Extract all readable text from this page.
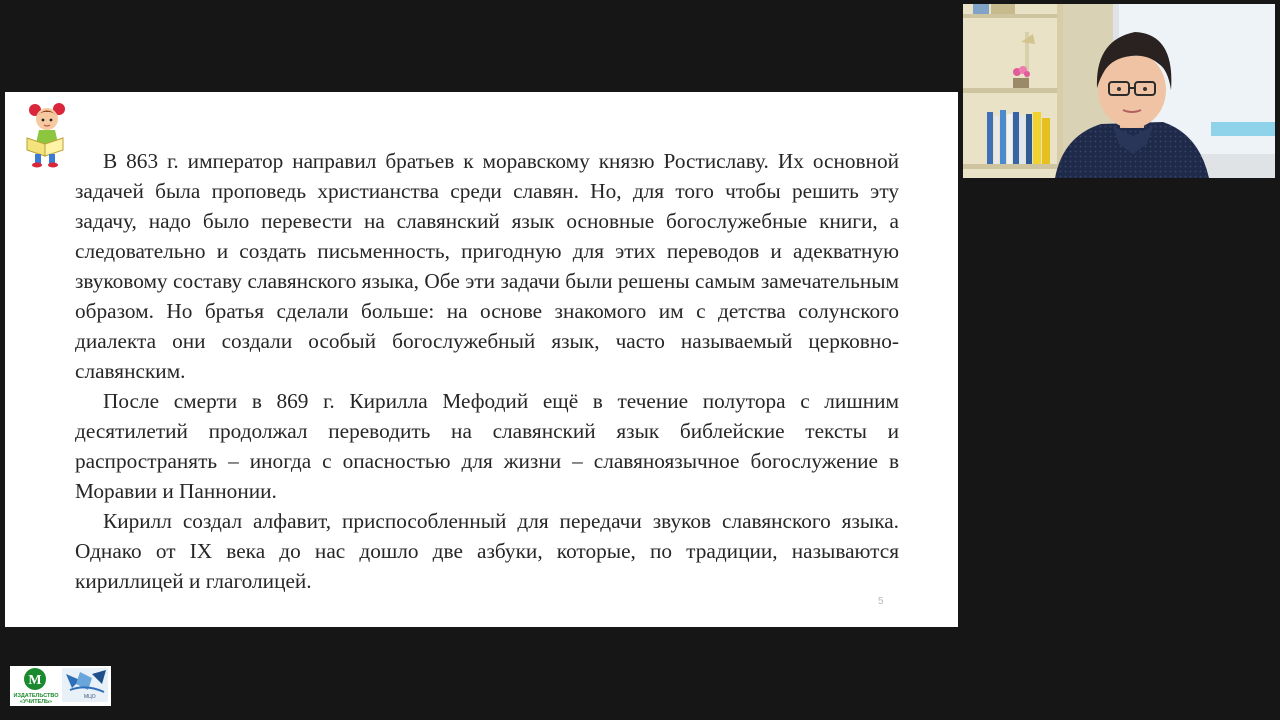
В 863 г. император направил братьев к моравскому князю Ростиславу. Их основной задачей была проповедь христианства среди славян. Но, для того чтобы решить эту задачу, надо было перевести на славянский язык основные богослужебные книги, а следовательно и создать письменность, пригодную для этих переводов и адекватную звуковому составу славянского языка, Обе эти задачи были решены самым замечательным образом. Но братья сделали больше: на основе знакомого им с детства солунского диалекта они создали особый богослужебный язык, часто называемый церковно-славянским.

После смерти в 869 г. Кирилла Мефодий ещё в течение полутора с лишним десятилетий продолжал переводить на славянский язык библейские тексты и распространять – иногда с опасностью для жизни – славяноязычное богослужение в Моравии и Паннонии.

Кирилл создал алфавит, приспособленный для передачи звуков славянского языка. Однако от IX века до нас дошло две азбуки, которые, по традиции, называются кириллицей и глаголицей.

5
М
ИЗДАТЕЛЬСТВО
«УЧИТЕЛЬ»
МЦО
